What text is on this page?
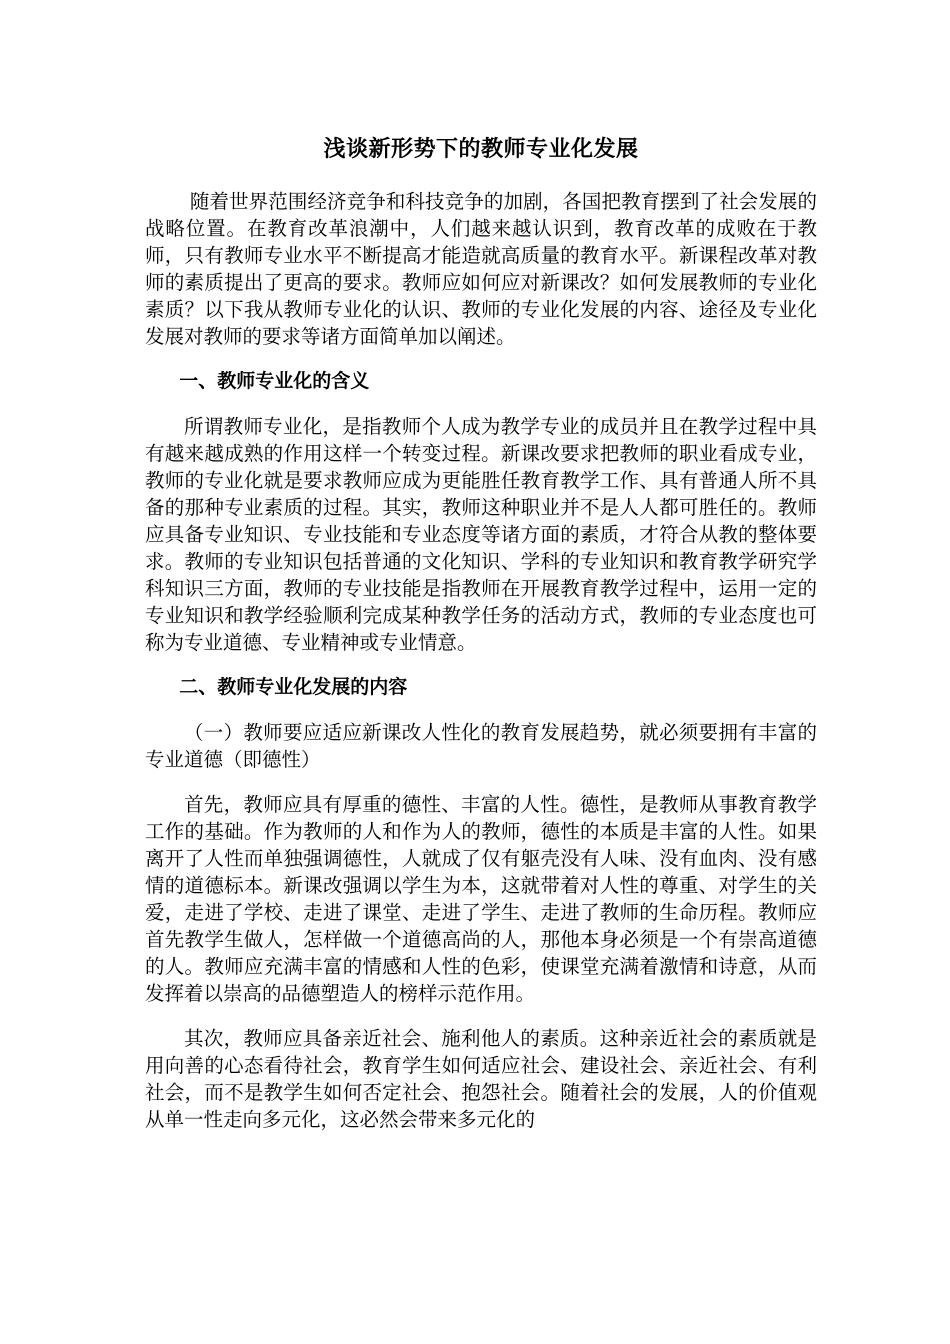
浅谈新形势下的教师专业化发展

随着世界范围经济竞争和科技竞争的加剧，各国把教育摆到了社会发展的战略位置。在教育改革浪潮中，人们越来越认识到，教育改革的成败在于教师，只有教师专业水平不断提高才能造就高质量的教育水平。新课程改革对教师的素质提出了更高的要求。教师应如何应对新课改？如何发展教师的专业化素质？以下我从教师专业化的认识、教师的专业化发展的内容、途径及专业化发展对教师的要求等诸方面简单加以阐述。

一、教师专业化的含义

所谓教师专业化，是指教师个人成为教学专业的成员并且在教学过程中具有越来越成熟的作用这样一个转变过程。新课改要求把教师的职业看成专业，教师的专业化就是要求教师应成为更能胜任教育教学工作、具有普通人所不具备的那种专业素质的过程。其实，教师这种职业并不是人人都可胜任的。教师应具备专业知识、专业技能和专业态度等诸方面的素质，才符合从教的整体要求。教师的专业知识包括普通的文化知识、学科的专业知识和教育教学研究学科知识三方面，教师的专业技能是指教师在开展教育教学过程中，运用一定的专业知识和教学经验顺利完成某种教学任务的活动方式，教师的专业态度也可称为专业道德、专业精神或专业情意。

二、教师专业化发展的内容

（一）教师要应适应新课改人性化的教育发展趋势，就必须要拥有丰富的专业道德（即德性）

首先，教师应具有厚重的德性、丰富的人性。德性，是教师从事教育教学工作的基础。作为教师的人和作为人的教师，德性的本质是丰富的人性。如果离开了人性而单独强调德性，人就成了仅有躯壳没有人味、没有血肉、没有感情的道德标本。新课改强调以学生为本，这就带着对人性的尊重、对学生的关爱，走进了学校、走进了课堂、走进了学生、走进了教师的生命历程。教师应首先教学生做人，怎样做一个道德高尚的人，那他本身必须是一个有崇高道德的人。教师应充满丰富的情感和人性的色彩，使课堂充满着激情和诗意，从而发挥着以崇高的品德塑造人的榜样示范作用。

其次，教师应具备亲近社会、施利他人的素质。这种亲近社会的素质就是用向善的心态看待社会，教育学生如何适应社会、建设社会、亲近社会、有利社会，而不是教学生如何否定社会、抱怨社会。随着社会的发展，人的价值观从单一性走向多元化，这必然会带来多元化的
